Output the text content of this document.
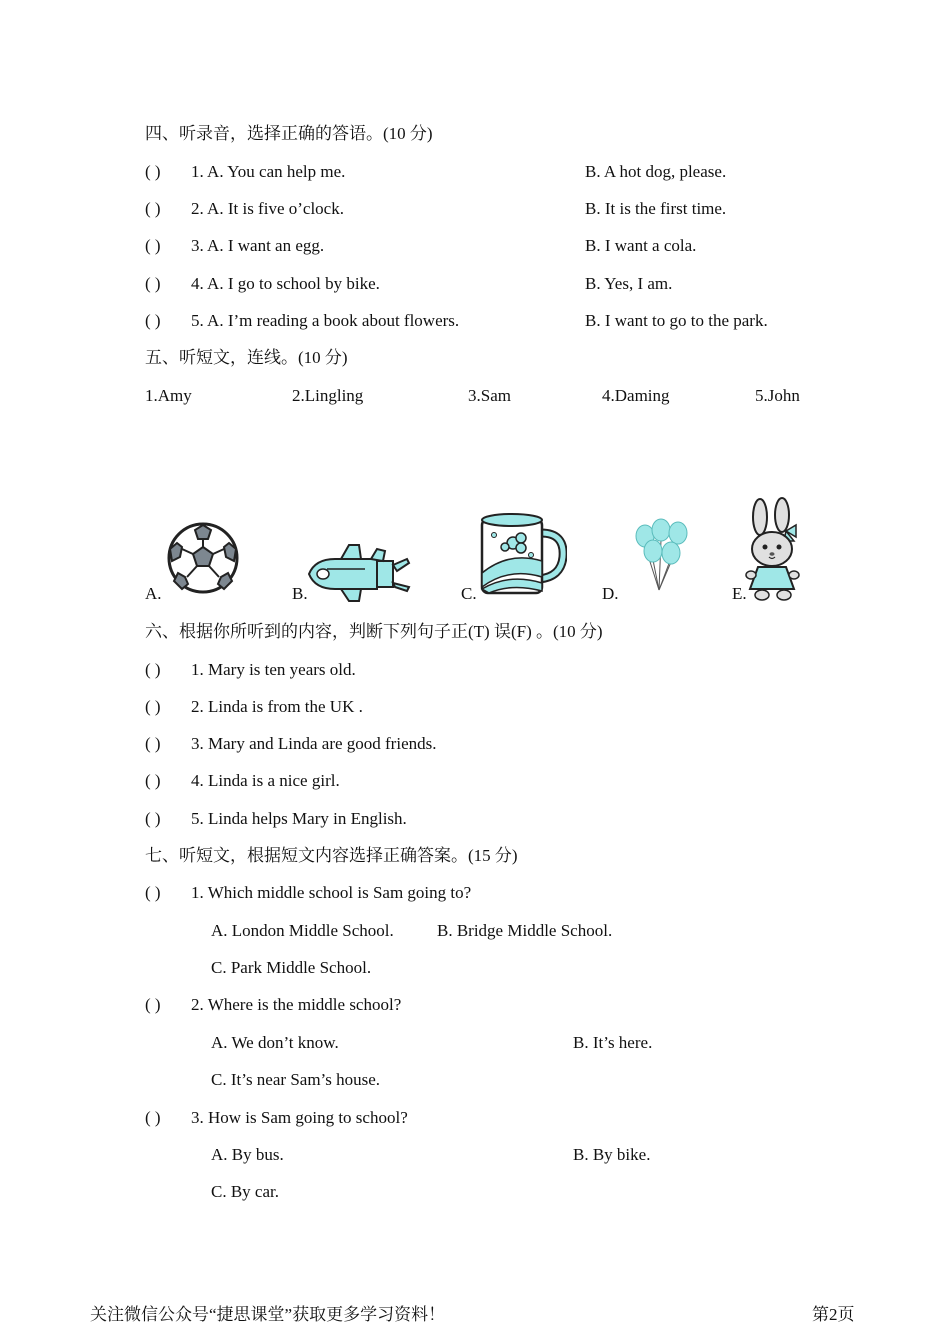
四、听录音，选择正确的答语。(10 分)
( ) 1. A. You can help me.	B. A hot dog, please.
( ) 2. A. It is five o’clock.	B. It is the first time.
( ) 3. A. I want an egg.	B. I want a cola.
( ) 4. A. I go to school by bike.	B. Yes, I am.
( ) 5. A. I’m reading a book about flowers.	B. I want to go to the park.
五、听短文，连线。(10 分)
1.Amy	2.Lingling	3.Sam	4.Daming	5.John
A.	B.	C.	D.	E.
六、根据你所听到的内容，判断下列句子正(T) 误(F) 。(10 分)
( ) 1. Mary is ten years old.
( ) 2. Linda is from the UK .
( ) 3. Mary and Linda are good friends.
( ) 4. Linda is a nice girl.
( ) 5. Linda helps Mary in English.
七、听短文，根据短文内容选择正确答案。(15 分)
( ) 1. Which middle school is Sam going to?
A. London Middle School.	B. Bridge Middle School.
C. Park Middle School.
( ) 2. Where is the middle school?
A. We don’t know.	B. It’s here.
C. It’s near Sam’s house.
( ) 3. How is Sam going to school?
A. By bus.	B. By bike.
C. By car.
关注微信公众号“捷思课堂”获取更多学习资料！	第2页
